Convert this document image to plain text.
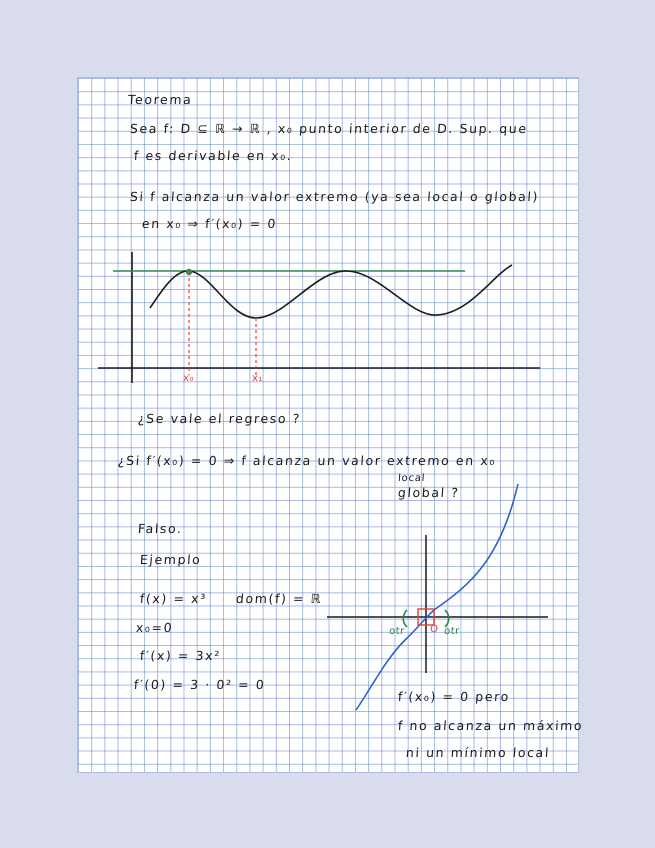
Teorema

Sea f: D ⊆ ℝ → ℝ , x₀ punto interior de D. Sup. que

f es derivable en x₀.

Si f alcanza un valor extremo (ya sea local o global)

en x₀ ⇒ f′(x₀) = 0

x₀	x₁

¿Se vale el regreso ?

¿Si f′(x₀) = 0 ⇒ f alcanza un valor extremo en x₀

local

global ?

Falso.

Ejemplo

f(x) = x³ dom(f) = ℝ

x₀=0

f′(x) = 3x²

f′(0) = 3 · 0² = 0

otr	otr

O

f′(x₀) = 0 pero

f no alcanza un máximo

ni un mínimo local
